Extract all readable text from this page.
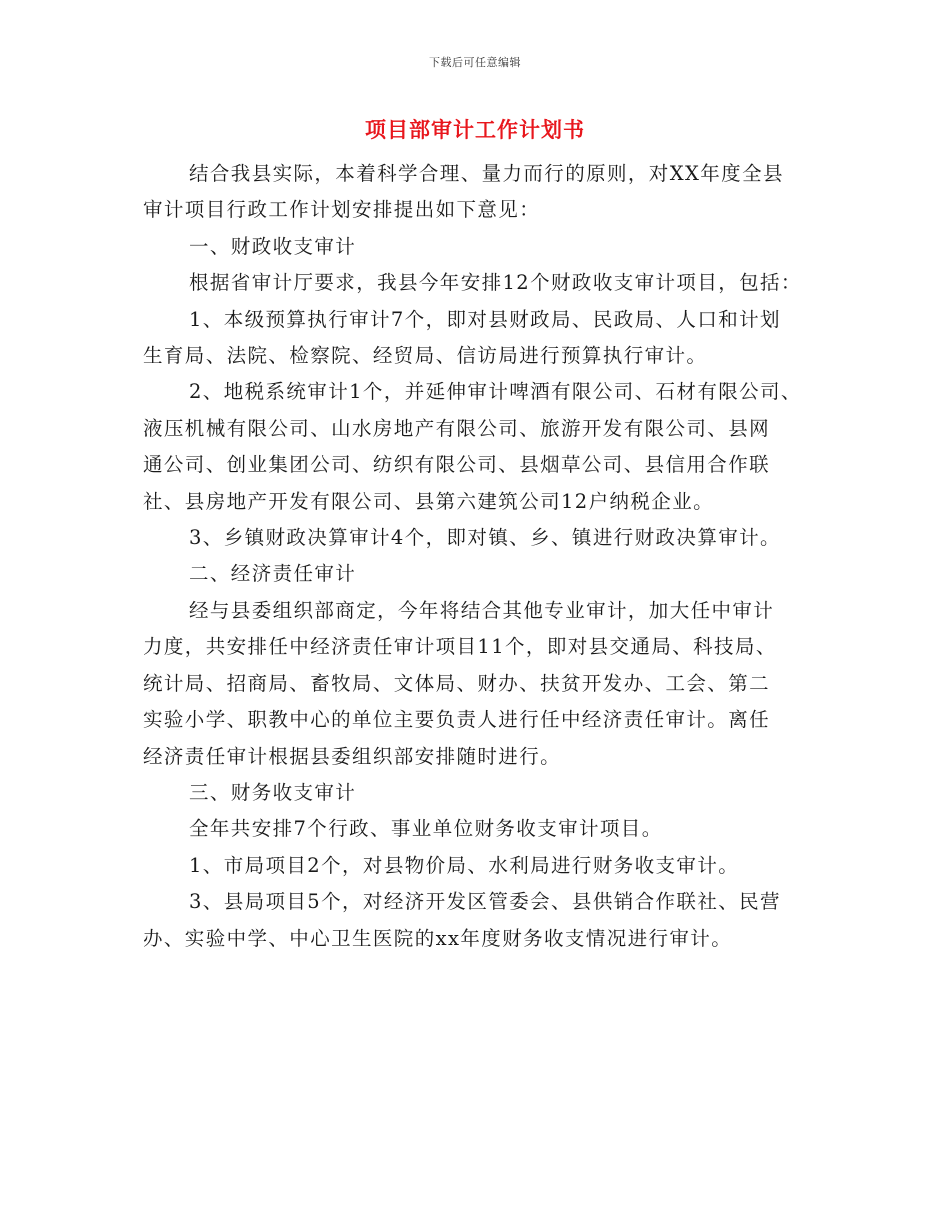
下载后可任意编辑
项目部审计工作计划书

结合我县实际，本着科学合理、量力而行的原则，对XX年度全县
审计项目行政工作计划安排提出如下意见：

一、财政收支审计

根据省审计厅要求，我县今年安排12个财政收支审计项目，包括：

1、本级预算执行审计7个，即对县财政局、民政局、人口和计划
生育局、法院、检察院、经贸局、信访局进行预算执行审计。

2、地税系统审计1个，并延伸审计啤酒有限公司、石材有限公司、
液压机械有限公司、山水房地产有限公司、旅游开发有限公司、县网
通公司、创业集团公司、纺织有限公司、县烟草公司、县信用合作联
社、县房地产开发有限公司、县第六建筑公司12户纳税企业。

3、乡镇财政决算审计4个，即对镇、乡、镇进行财政决算审计。

二、经济责任审计

经与县委组织部商定，今年将结合其他专业审计，加大任中审计
力度，共安排任中经济责任审计项目11个，即对县交通局、科技局、
统计局、招商局、畜牧局、文体局、财办、扶贫开发办、工会、第二
实验小学、职教中心的单位主要负责人进行任中经济责任审计。离任
经济责任审计根据县委组织部安排随时进行。

三、财务收支审计

全年共安排7个行政、事业单位财务收支审计项目。

1、市局项目2个，对县物价局、水利局进行财务收支审计。

3、县局项目5个，对经济开发区管委会、县供销合作联社、民营
办、实验中学、中心卫生医院的xx年度财务收支情况进行审计。
